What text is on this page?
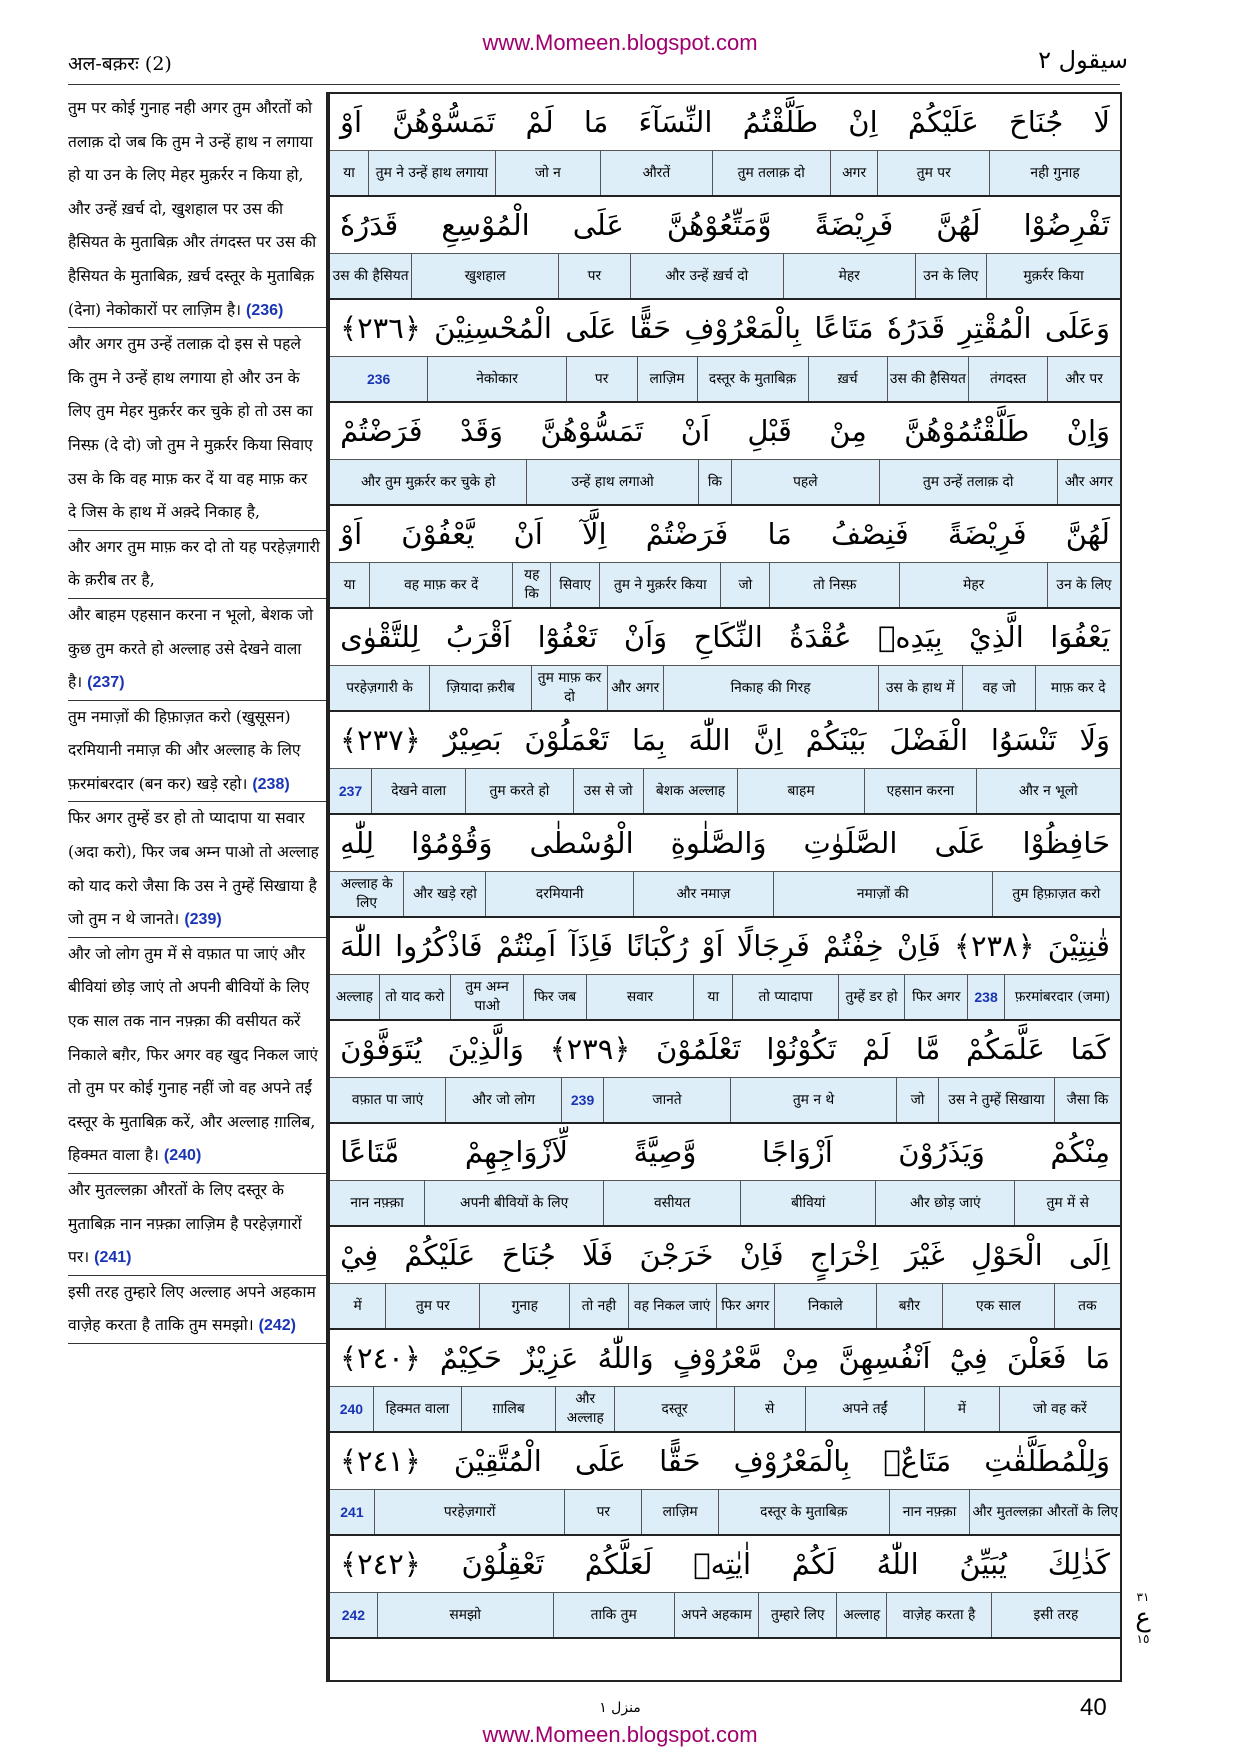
अल-बक़रः (2)
www.Momeen.blogspot.com
سیقول ۲

तुम पर कोई गुनाह नही अगर तुम औरतों को तलाक़ दो जब कि तुम ने उन्हें हाथ न लगाया हो या उन के लिए मेहर मुक़र्रर न किया हो, और उन्हें ख़र्च दो, खुशहाल पर उस की हैसियत के मुताबिक़ और तंगदस्त पर उस की हैसियत के मुताबिक़, ख़र्च दस्तूर के मुताबिक़ (देना) नेकोकारों पर लाज़िम है। (236)

और अगर तुम उन्हें तलाक़ दो इस से पहले कि तुम ने उन्हें हाथ लगाया हो और उन के लिए तुम मेहर मुक़र्रर कर चुके हो तो उस का निस्फ़ (दे दो) जो तुम ने मुक़र्रर किया सिवाए उस के कि वह माफ़ कर दें या वह माफ़ कर दे जिस के हाथ में अक़्दे निकाह है,

और अगर तुम माफ़ कर दो तो यह परहेज़गारी के क़रीब तर है,

और बाहम एहसान करना न भूलो, बेशक जो कुछ तुम करते हो अल्लाह उसे देखने वाला है। (237)

तुम नमाज़ों की हिफ़ाज़त करो (खुसूसन) दरमियानी नमाज़ की और अल्लाह के लिए फ़रमांबरदार (बन कर) खड़े रहो। (238)

फिर अगर तुम्हें डर हो तो प्यादापा या सवार (अदा करो), फिर जब अम्न पाओ तो अल्लाह को याद करो जैसा कि उस ने तुम्हें सिखाया है जो तुम न थे जानते। (239)

और जो लोग तुम में से वफ़ात पा जाएं और बीवियां छोड़ जाएं तो अपनी बीवियों के लिए एक साल तक नान नफ़्क़ा की वसीयत करें निकाले बग़ैर, फिर अगर वह खुद निकल जाएं तो तुम पर कोई गुनाह नहीं जो वह अपने तईं दस्तूर के मुताबिक़ करें, और अल्लाह ग़ालिब, हिक्मत वाला है। (240)

और मुतल्लक़ा औरतों के लिए दस्तूर के मुताबिक़ नान नफ़्क़ा लाज़िम है परहेज़गारों पर। (241)

इसी तरह तुम्हारे लिए अल्लाह अपने अहकाम वाज़ेह करता है ताकि तुम समझो। (242)

لَا
جُنَاحَ
عَلَيْكُمْ
اِنْ
طَلَّقْتُمُ
النِّسَآءَ
مَا
لَمْ
تَمَسُّوْهُنَّ
اَوْ
नही गुनाह
तुम पर
अगर
तुम तलाक़ दो
औरतें
जो न
तुम ने उन्हें हाथ लगाया
या
تَفْرِضُوْا
لَهُنَّ
فَرِيْضَةً
وَّمَتِّعُوْهُنَّ
عَلَى
الْمُوْسِعِ
قَدَرُهٗ
मुक़र्रर किया
उन के लिए
मेहर
और उन्हें ख़र्च दो
पर
खुशहाल
उस की हैसियत
وَعَلَى
الْمُقْتِرِ
قَدَرُهٗ
مَتَاعًا
بِالْمَعْرُوْفِ
حَقًّا
عَلَى
الْمُحْسِنِيْنَ
﴿٢٣٦﴾
और पर
तंगदस्त
उस की हैसियत
ख़र्च
दस्तूर के मुताबिक़
लाज़िम
पर
नेकोकार
236
وَاِنْ
طَلَّقْتُمُوْهُنَّ
مِنْ
قَبْلِ
اَنْ
تَمَسُّوْهُنَّ
وَقَدْ
فَرَضْتُمْ
और अगर
तुम उन्हें तलाक़ दो
पहले
कि
उन्हें हाथ लगाओ
और तुम मुक़र्रर कर चुके हो
لَهُنَّ
فَرِيْضَةً
فَنِصْفُ
مَا
فَرَضْتُمْ
اِلَّآ
اَنْ
يَّعْفُوْنَ
اَوْ
उन के लिए
मेहर
तो निस्फ़
जो
तुम ने मुक़र्रर किया
सिवाए
यह कि
वह माफ़ कर दें
या
يَعْفُوَا
الَّذِيْ
بِيَدِهٖ
عُقْدَةُ
النِّكَاحِ
وَاَنْ
تَعْفُوْٓا
اَقْرَبُ
لِلتَّقْوٰى
माफ़ कर दे
वह जो
उस के हाथ में
निकाह की गिरह
और अगर
तुम माफ़ कर दो
ज़ियादा क़रीब
परहेज़गारी के
وَلَا
تَنْسَوُا
الْفَضْلَ
بَيْنَكُمْ
اِنَّ
اللّٰهَ
بِمَا
تَعْمَلُوْنَ
بَصِيْرٌ
﴿٢٣٧﴾
और न भूलो
एहसान करना
बाहम
बेशक अल्लाह
उस से जो
तुम करते हो
देखने वाला
237
حَافِظُوْا
عَلَى
الصَّلَوٰتِ
وَالصَّلٰوةِ
الْوُسْطٰى
وَقُوْمُوْا
لِلّٰهِ
तुम हिफ़ाज़त करो
नमाज़ों की
और नमाज़
दरमियानी
और खड़े रहो
अल्लाह के लिए
قٰنِتِيْنَ
﴿٢٣٨﴾
فَاِنْ
خِفْتُمْ
فَرِجَالًا
اَوْ
رُكْبَانًا
فَاِذَآ
اَمِنْتُمْ
فَاذْكُرُوا
اللّٰهَ
फ़रमांबरदार (जमा)
238
फिर अगर
तुम्हें डर हो
तो प्यादापा
या
सवार
फिर जब
तुम अम्न पाओ
तो याद करो
अल्लाह
كَمَا
عَلَّمَكُمْ
مَّا
لَمْ
تَكُوْنُوْا
تَعْلَمُوْنَ
﴿٢٣٩﴾
وَالَّذِيْنَ
يُتَوَفَّوْنَ
जैसा कि
उस ने तुम्हें सिखाया
जो
तुम न थे
जानते
239
और जो लोग
वफ़ात पा जाएं
مِنْكُمْ
وَيَذَرُوْنَ
اَزْوَاجًا
وَّصِيَّةً
لِّاَزْوَاجِهِمْ
مَّتَاعًا
तुम में से
और छोड़ जाएं
बीवियां
वसीयत
अपनी बीवियों के लिए
नान नफ़्क़ा
اِلَى
الْحَوْلِ
غَيْرَ
اِخْرَاجٍ
فَاِنْ
خَرَجْنَ
فَلَا
جُنَاحَ
عَلَيْكُمْ
فِيْ
तक
एक साल
बग़ैर
निकाले
फिर अगर
वह निकल जाएं
तो नही
गुनाह
तुम पर
में
مَا
فَعَلْنَ
فِيْٓ
اَنْفُسِهِنَّ
مِنْ
مَّعْرُوْفٍ
وَاللّٰهُ
عَزِيْزٌ
حَكِيْمٌ
﴿٢٤٠﴾
जो वह करें
में
अपने तईं
से
दस्तूर
और अल्लाह
ग़ालिब
हिक्मत वाला
240
وَلِلْمُطَلَّقٰتِ
مَتَاعٌۢ
بِالْمَعْرُوْفِ
حَقًّا
عَلَى
الْمُتَّقِيْنَ
﴿٢٤١﴾
और मुतल्लक़ा औरतों के लिए
नान नफ़्क़ा
दस्तूर के मुताबिक़
लाज़िम
पर
परहेज़गारों
241
كَذٰلِكَ
يُبَيِّنُ
اللّٰهُ
لَكُمْ
اٰيٰتِهٖ
لَعَلَّكُمْ
تَعْقِلُوْنَ
﴿٢٤٢﴾
इसी तरह
वाज़ेह करता है
अल्लाह
तुम्हारे लिए
अपने अहकाम
ताकि तुम
समझो
242
٣١
ع
١٥
منزل ١	40
www.Momeen.blogspot.com
